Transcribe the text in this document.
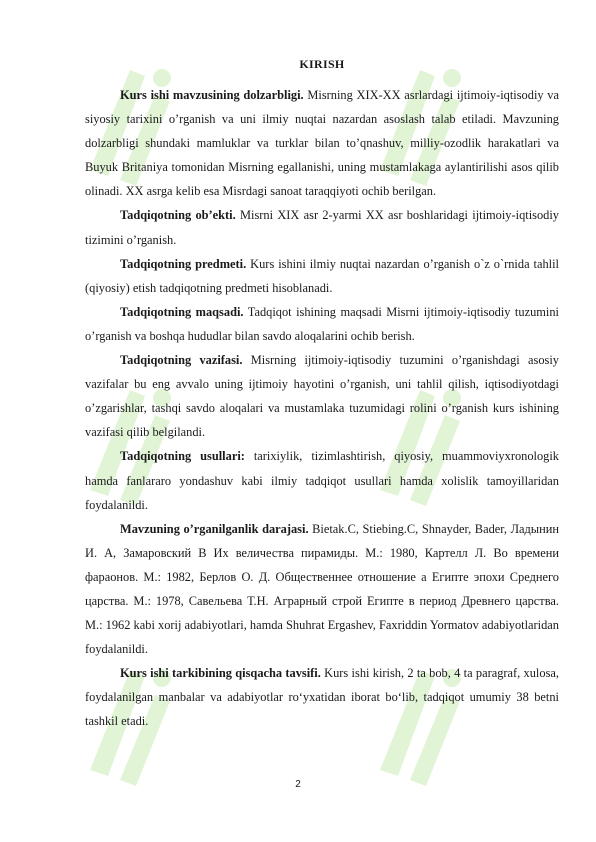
KIRISH

Kurs ishi mavzusining dolzarbligi. Misrning XIX-XX asrlardagi ijtimoiy-iqtisodiy va siyosiy tarixini o’rganish va uni ilmiy nuqtai nazardan asoslash talab etiladi. Mavzuning dolzarbligi shundaki mamluklar va turklar bilan to’qnashuv, milliy-ozodlik harakatlari va Buyuk Britaniya tomonidan Misrning egallanishi, uning mustamlakaga aylantirilishi asos qilib olinadi. XX asrga kelib esa Misrdagi sanoat taraqqiyoti ochib berilgan.

Tadqiqotning ob’ekti. Misrni XIX asr 2-yarmi XX asr boshlaridagi ijtimoiy-iqtisodiy tizimini o’rganish.

Tadqiqotning predmeti. Kurs ishini ilmiy nuqtai nazardan o’rganish o`z o`rnida tahlil (qiyosiy) etish tadqiqotning predmeti hisoblanadi.

Tadqiqotning maqsadi. Tadqiqot ishining maqsadi Misrni ijtimoiy-iqtisodiy tuzumini o’rganish va boshqa hududlar bilan savdo aloqalarini ochib berish.

Tadqiqotning vazifasi. Misrning ijtimoiy-iqtisodiy tuzumini o’rganishdagi asosiy vazifalar bu eng avvalo uning ijtimoiy hayotini o’rganish, uni tahlil qilish, iqtisodiyotdagi o’zgarishlar, tashqi savdo aloqalari va mustamlaka tuzumidagi rolini o’rganish kurs ishining vazifasi qilib belgilandi.

Tadqiqotning usullari: tarixiylik, tizimlashtirish, qiyosiy, muammoviyxronologik hamda fanlararo yondashuv kabi ilmiy tadqiqot usullari hamda xolislik tamoyillaridan foydalanildi.

Mavzuning o’rganilganlik darajasi. Bietak.C, Stiebing.C, Shnayder, Bader, Ладынин И. А, Замаровский В Их величества пирамиды. М.: 1980, Картелл Л. Во времени фараонов. М.: 1982, Берлов О. Д. Общественнее отношение а Египте эпохи Среднего царства. М.: 1978, Савельева Т.Н. Аграрный строй Египте в период Древнего царства. М.: 1962 kabi xorij adabiyotlari, hamda Shuhrat Ergashev, Faxriddin Yormatov adabiyotlaridan foydalanildi.

Kurs ishi tarkibining qisqacha tavsifi. Kurs ishi kirish, 2 ta bob, 4 ta paragraf, xulosa, foydalanilgan manbalar va adabiyotlar ro‘yxatidan iborat bo‘lib, tadqiqot umumiy 38 betni tashkil etadi.

2
